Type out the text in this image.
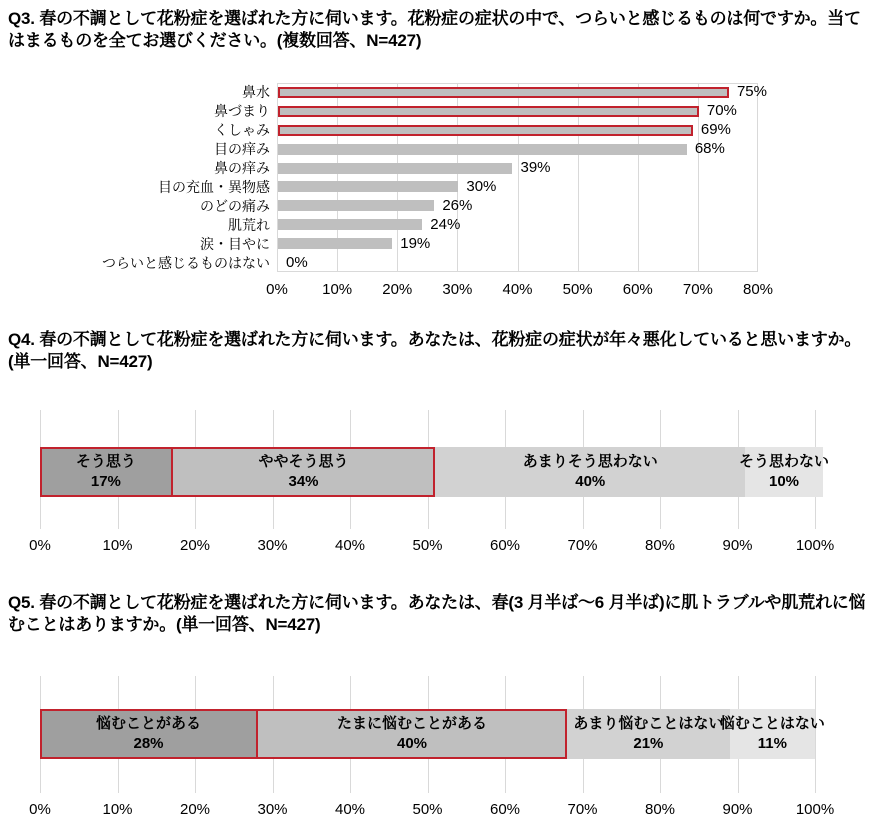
Q3. 春の不調として花粉症を選ばれた方に伺います。花粉症の症状の中で、つらいと感じるものは何ですか。当てはまるものを全てお選びください。(複数回答、N=427)
0%	10%	20%	30%	40%	50%	60%	70%	80%
鼻水	75%
鼻づまり	70%
くしゃみ	69%
目の痒み	68%
鼻の痒み	39%
目の充血・異物感	30%
のどの痛み	26%
肌荒れ	24%
涙・目やに	19%
つらいと感じるものはない 0%
Q4. 春の不調として花粉症を選ばれた方に伺います。あなたは、花粉症の症状が年々悪化していると思いますか。(単一回答、N=427)
0%	10%	20%	30%	40%	50%	60%	70%	80%	90%	100%
そう思う
17%
ややそう思う
34%
あまりそう思わない
40%
そう思わない
10%
Q5. 春の不調として花粉症を選ばれた方に伺います。あなたは、春(3 月半ば～6 月半ば)に肌トラブルや肌荒れに悩むことはありますか。(単一回答、N=427)
0%	10%	20%	30%	40%	50%	60%	70%	80%	90%	100%
悩むことがある
28%
たまに悩むことがある
40%
あまり悩むことはない
21%
悩むことはない
11%
